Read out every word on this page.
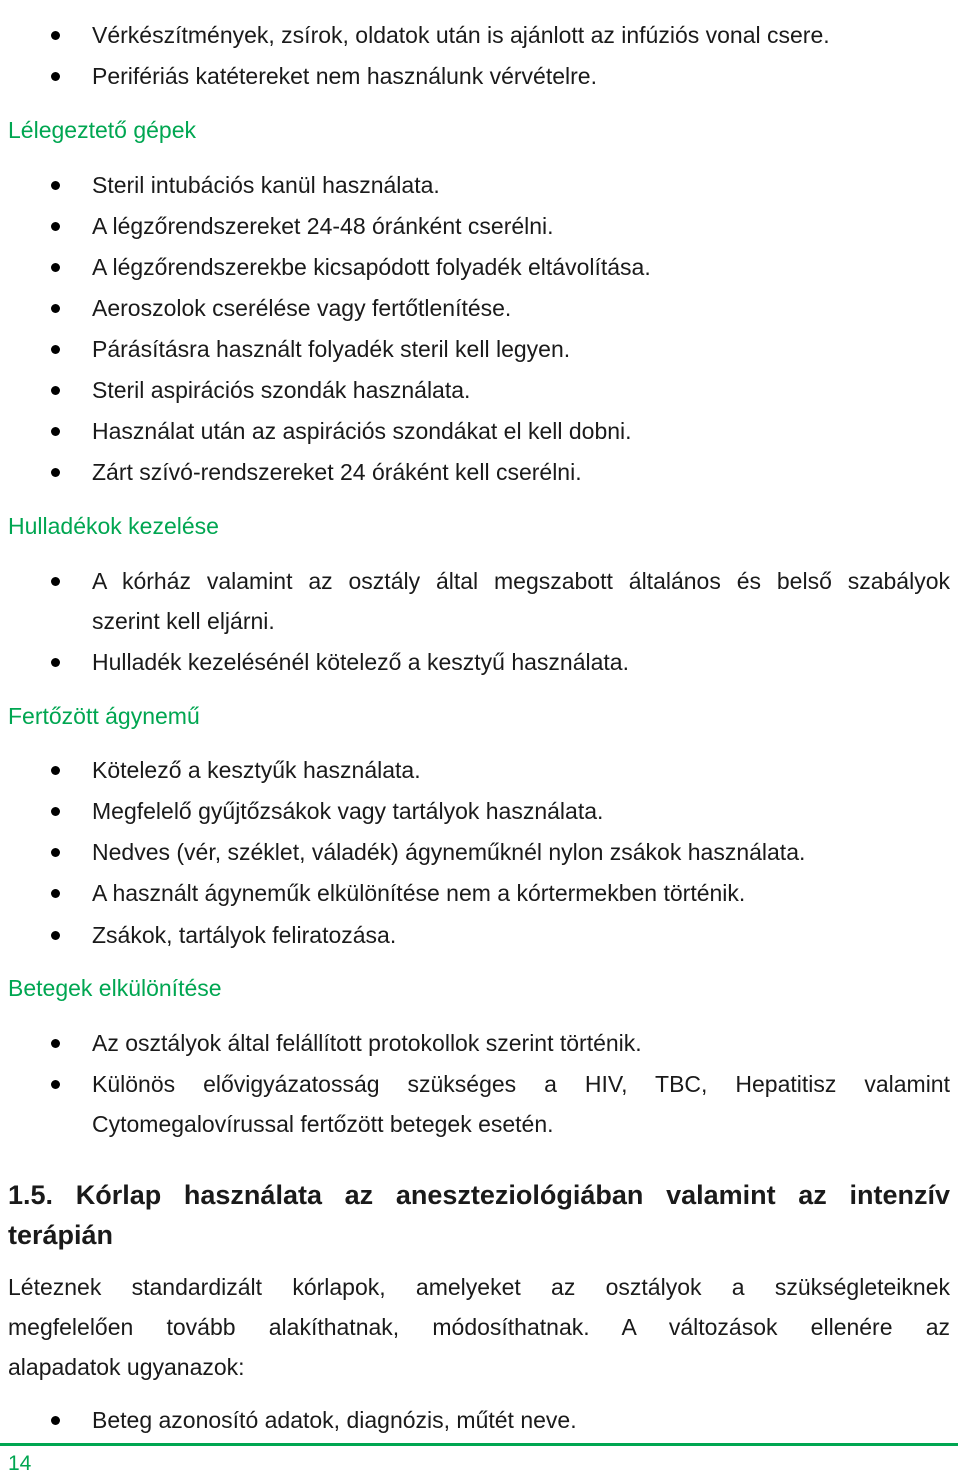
Vérkészítmények, zsírok, oldatok után is ajánlott az infúziós vonal csere.
Perifériás katétereket nem használunk vérvételre.
Lélegeztető gépek
Steril intubációs kanül használata.
A légzőrendszereket 24-48 óránként cserélni.
A légzőrendszerekbe kicsapódott folyadék eltávolítása.
Aeroszolok cserélése vagy fertőtlenítése.
Párásításra használt folyadék steril kell legyen.
Steril aspirációs szondák használata.
Használat után az aspirációs szondákat el kell dobni.
Zárt szívó-rendszereket 24 óráként kell cserélni.
Hulladékok kezelése
A kórház valamint az osztály által megszabott általános és belső szabályok
szerint kell eljárni.
Hulladék kezelésénél kötelező a kesztyű használata.
Fertőzött ágynemű
Kötelező a kesztyűk használata.
Megfelelő gyűjtőzsákok vagy tartályok használata.
Nedves (vér, széklet, váladék) ágyneműknél nylon zsákok használata.
A használt ágyneműk elkülönítése nem a kórtermekben történik.
Zsákok, tartályok feliratozása.
Betegek elkülönítése
Az osztályok által felállított protokollok szerint történik.
Különös elővigyázatosság szükséges a HIV, TBC, Hepatitisz valamint
Cytomegalovírussal fertőzött betegek esetén.
1.5. Kórlap használata az aneszteziológiában valamint az intenzív
terápián
Léteznek standardizált kórlapok, amelyeket az osztályok a szükségleteiknek
megfelelően tovább alakíthatnak, módosíthatnak. A változások ellenére az
alapadatok ugyanazok:
Beteg azonosító adatok, diagnózis, műtét neve.
14
